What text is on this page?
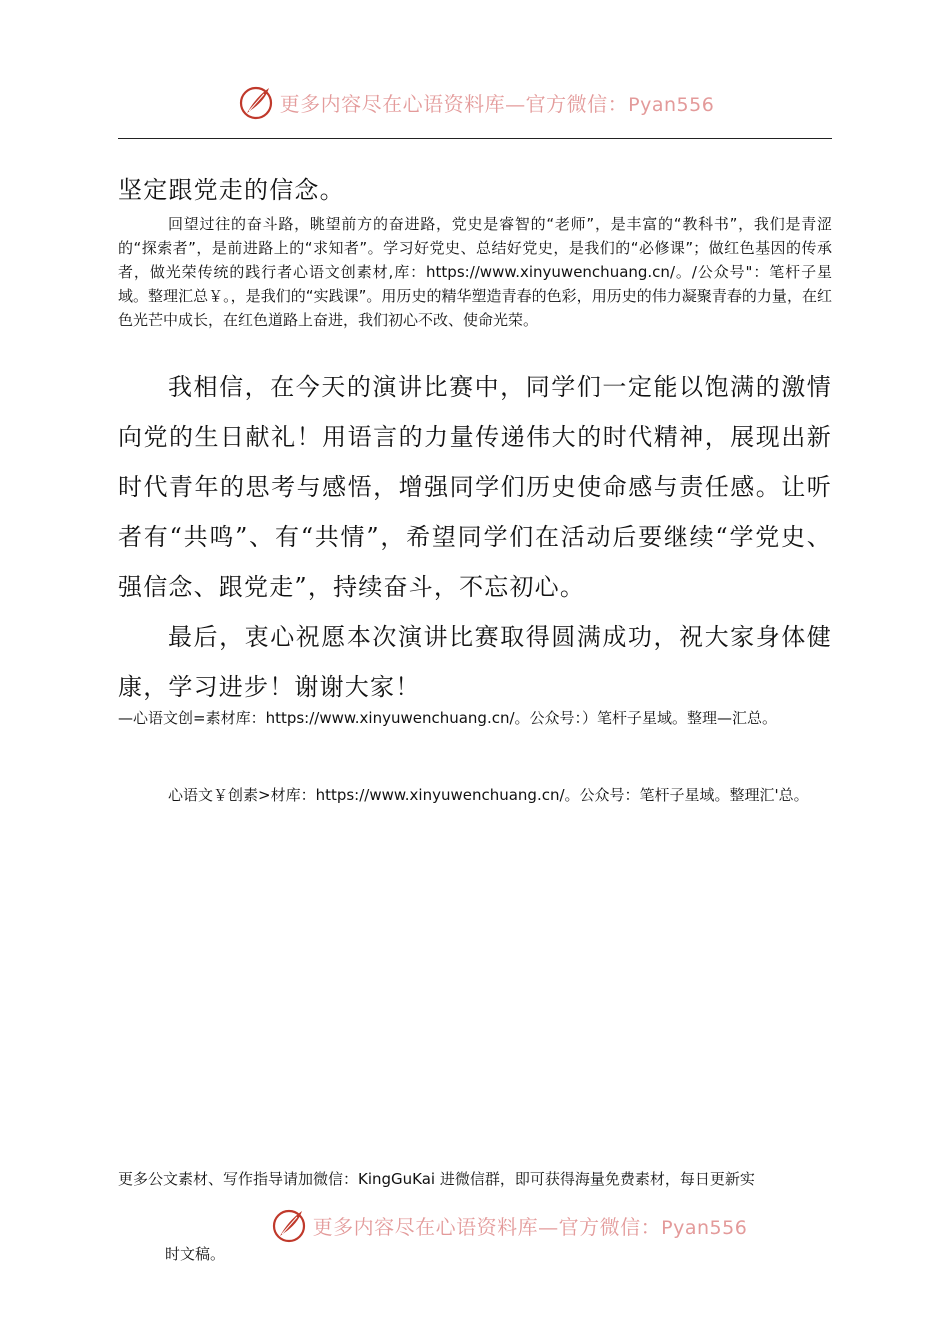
更多内容尽在心语资料库—官方微信：Pyan556
坚定跟党走的信念。
回望过往的奋斗路，眺望前方的奋进路，党史是睿智的“老师”，是丰富的“教科书”，我们是青涩的“探索者”，是前进路上的“求知者”。学习好党史、总结好党史，是我们的“必修课”；做红色基因的传承者，做光荣传统的践行者心语文创素材,库：https://www.xinyuwenchuang.cn/。/公众号"：笔杆子星域。整理汇总￥。，是我们的“实践课”。用历史的精华塑造青春的色彩，用历史的伟力凝聚青春的力量，在红色光芒中成长，在红色道路上奋进，我们初心不改、使命光荣。
我相信，在今天的演讲比赛中，同学们一定能以饱满的激情向党的生日献礼！用语言的力量传递伟大的时代精神，展现出新时代青年的思考与感悟，增强同学们历史使命感与责任感。让听者有“共鸣”、有“共情”，希望同学们在活动后要继续“学党史、强信念、跟党走”，持续奋斗，不忘初心。
最后，衷心祝愿本次演讲比赛取得圆满成功，祝大家身体健康，学习进步！谢谢大家！
—心语文创=素材库：https://www.xinyuwenchuang.cn/。公众号：）笔杆子星域。整理—汇总。
心语文￥创素>材库：https://www.xinyuwenchuang.cn/。公众号：笔杆子星域。整理汇'总。
更多公文素材、写作指导请加微信：KingGuKai 进微信群，即可获得海量免费素材，每日更新实
更多内容尽在心语资料库—官方微信：Pyan556
时文稿。
